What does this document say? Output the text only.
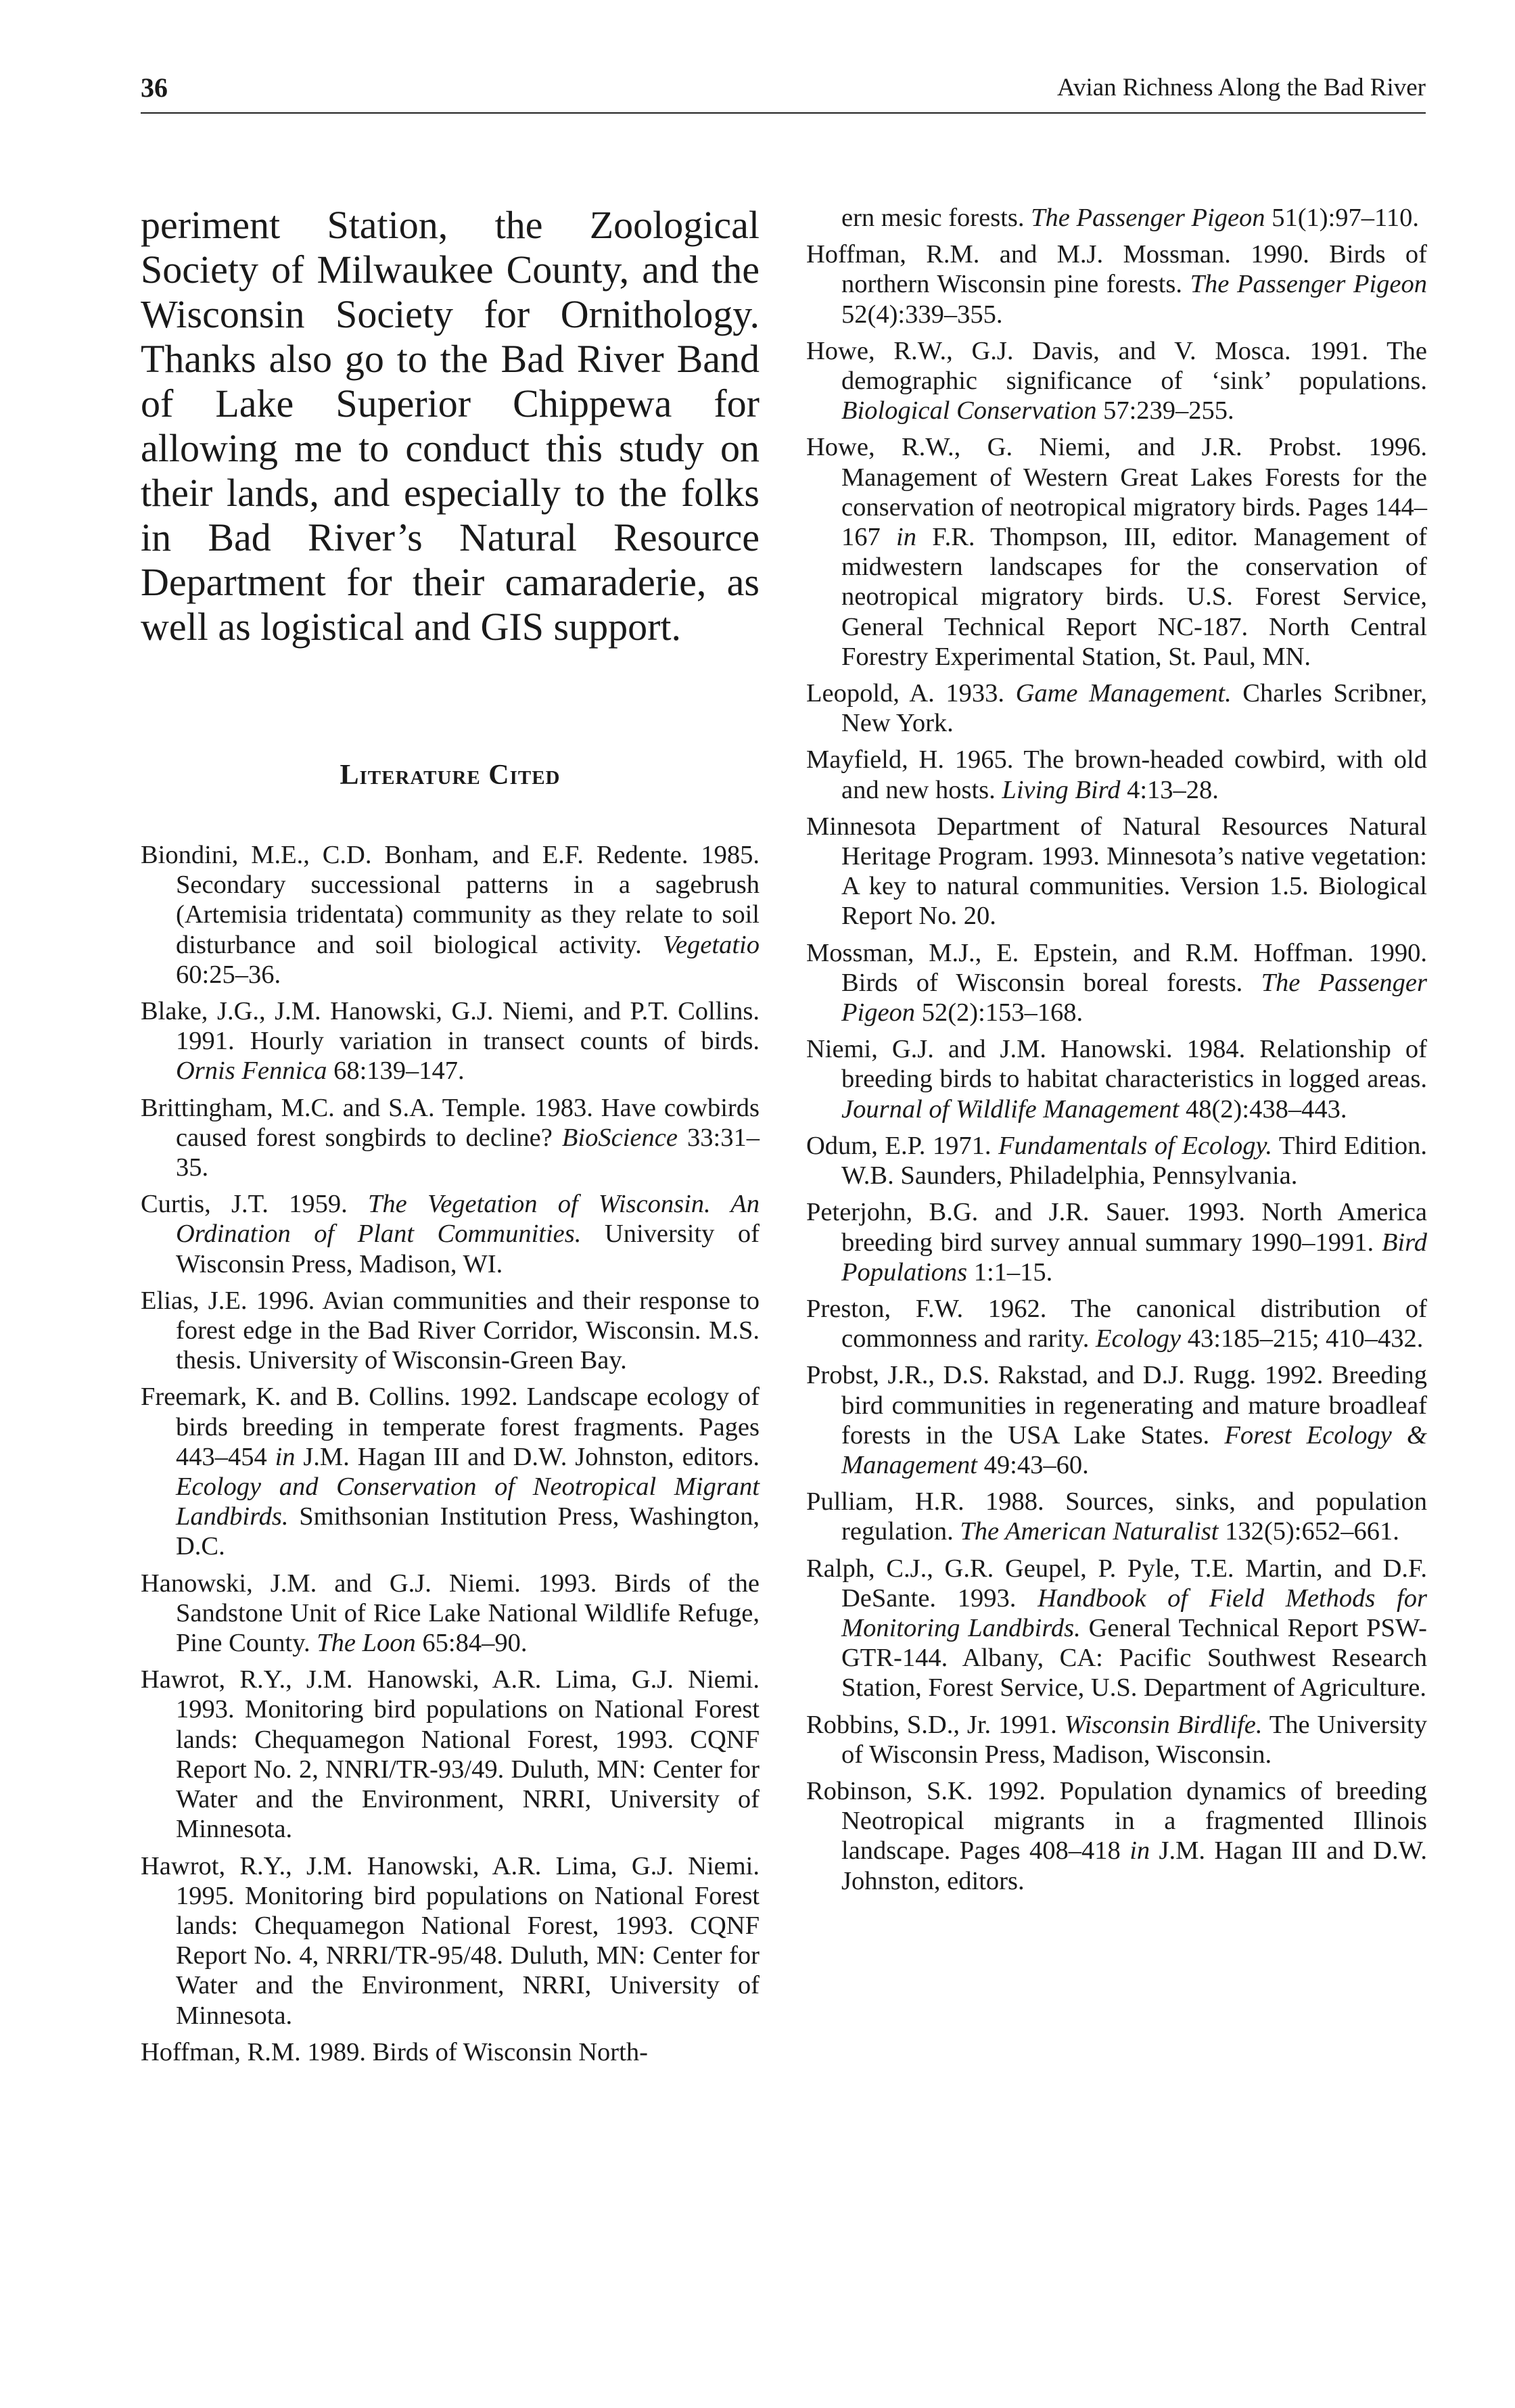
36	Avian Richness Along the Bad River

periment Station, the Zoological Society of Milwaukee County, and the Wisconsin Society for Ornithology. Thanks also go to the Bad River Band of Lake Superior Chippewa for allowing me to conduct this study on their lands, and especially to the folks in Bad River’s Natural Resource Department for their camaraderie, as well as logistical and GIS support.

Literature Cited
Biondini, M.E., C.D. Bonham, and E.F. Redente. 1985. Secondary successional patterns in a sagebrush (Artemisia tridentata) community as they relate to soil disturbance and soil biological activity. Vegetatio 60:25–36.
Blake, J.G., J.M. Hanowski, G.J. Niemi, and P.T. Collins. 1991. Hourly variation in transect counts of birds. Ornis Fennica 68:139–147.
Brittingham, M.C. and S.A. Temple. 1983. Have cowbirds caused forest songbirds to decline? BioScience 33:31–35.
Curtis, J.T. 1959. The Vegetation of Wisconsin. An Ordination of Plant Communities. University of Wisconsin Press, Madison, WI.
Elias, J.E. 1996. Avian communities and their response to forest edge in the Bad River Corridor, Wisconsin. M.S. thesis. University of Wisconsin-Green Bay.
Freemark, K. and B. Collins. 1992. Landscape ecology of birds breeding in temperate forest fragments. Pages 443–454 in J.M. Hagan III and D.W. Johnston, editors. Ecology and Conservation of Neotropical Migrant Landbirds. Smithsonian Institution Press, Washington, D.C.
Hanowski, J.M. and G.J. Niemi. 1993. Birds of the Sandstone Unit of Rice Lake National Wildlife Refuge, Pine County. The Loon 65:84–90.
Hawrot, R.Y., J.M. Hanowski, A.R. Lima, G.J. Niemi. 1993. Monitoring bird populations on National Forest lands: Chequamegon National Forest, 1993. CQNF Report No. 2, NNRI/TR-93/49. Duluth, MN: Center for Water and the Environment, NRRI, University of Minnesota.
Hawrot, R.Y., J.M. Hanowski, A.R. Lima, G.J. Niemi. 1995. Monitoring bird populations on National Forest lands: Chequamegon National Forest, 1993. CQNF Report No. 4, NRRI/TR-95/48. Duluth, MN: Center for Water and the Environment, NRRI, University of Minnesota.
Hoffman, R.M. 1989. Birds of Wisconsin North-
ern mesic forests. The Passenger Pigeon 51(1):97–110.
Hoffman, R.M. and M.J. Mossman. 1990. Birds of northern Wisconsin pine forests. The Passenger Pigeon 52(4):339–355.
Howe, R.W., G.J. Davis, and V. Mosca. 1991. The demographic significance of ‘sink’ populations. Biological Conservation 57:239–255.
Howe, R.W., G. Niemi, and J.R. Probst. 1996. Management of Western Great Lakes Forests for the conservation of neotropical migratory birds. Pages 144–167 in F.R. Thompson, III, editor. Management of midwestern landscapes for the conservation of neotropical migratory birds. U.S. Forest Service, General Technical Report NC-187. North Central Forestry Experimental Station, St. Paul, MN.
Leopold, A. 1933. Game Management. Charles Scribner, New York.
Mayfield, H. 1965. The brown-headed cowbird, with old and new hosts. Living Bird 4:13–28.
Minnesota Department of Natural Resources Natural Heritage Program. 1993. Minnesota’s native vegetation: A key to natural communities. Version 1.5. Biological Report No. 20.
Mossman, M.J., E. Epstein, and R.M. Hoffman. 1990. Birds of Wisconsin boreal forests. The Passenger Pigeon 52(2):153–168.
Niemi, G.J. and J.M. Hanowski. 1984. Relationship of breeding birds to habitat characteristics in logged areas. Journal of Wildlife Management 48(2):438–443.
Odum, E.P. 1971. Fundamentals of Ecology. Third Edition. W.B. Saunders, Philadelphia, Pennsylvania.
Peterjohn, B.G. and J.R. Sauer. 1993. North America breeding bird survey annual summary 1990–1991. Bird Populations 1:1–15.
Preston, F.W. 1962. The canonical distribution of commonness and rarity. Ecology 43:185–215; 410–432.
Probst, J.R., D.S. Rakstad, and D.J. Rugg. 1992. Breeding bird communities in regenerating and mature broadleaf forests in the USA Lake States. Forest Ecology & Management 49:43–60.
Pulliam, H.R. 1988. Sources, sinks, and population regulation. The American Naturalist 132(5):652–661.
Ralph, C.J., G.R. Geupel, P. Pyle, T.E. Martin, and D.F. DeSante. 1993. Handbook of Field Methods for Monitoring Landbirds. General Technical Report PSW-GTR-144. Albany, CA: Pacific Southwest Research Station, Forest Service, U.S. Department of Agriculture.
Robbins, S.D., Jr. 1991. Wisconsin Birdlife. The University of Wisconsin Press, Madison, Wisconsin.
Robinson, S.K. 1992. Population dynamics of breeding Neotropical migrants in a fragmented Illinois landscape. Pages 408–418 in J.M. Hagan III and D.W. Johnston, editors.
